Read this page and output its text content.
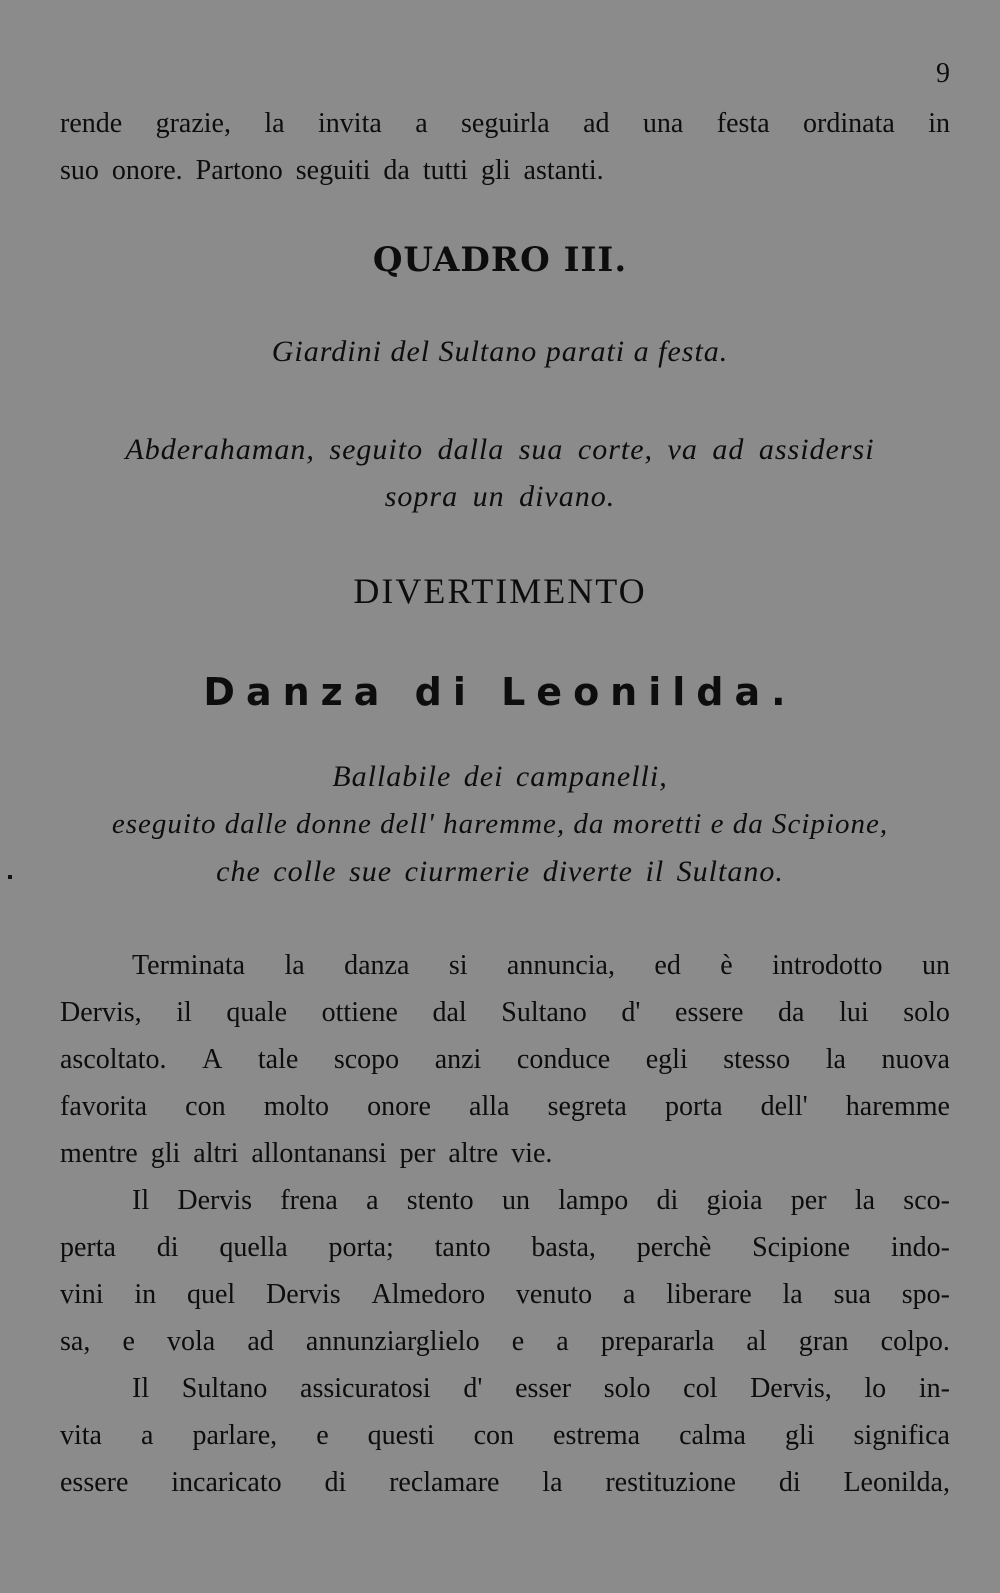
9
rende grazie, la invita a seguirla ad una festa ordinata in
suo onore. Partono seguiti da tutti gli astanti.
QUADRO III.
Giardini del Sultano parati a festa.
Abderahaman, seguito dalla sua corte, va ad assidersi
sopra un divano.
DIVERTIMENTO
Danza di Leonilda.
Ballabile dei campanelli,
eseguito dalle donne dell' haremme, da moretti e da Scipione,
che colle sue ciurmerie diverte il Sultano.
Terminata la danza si annuncia, ed è introdotto un
Dervis, il quale ottiene dal Sultano d' essere da lui solo
ascoltato. A tale scopo anzi conduce egli stesso la nuova
favorita con molto onore alla segreta porta dell' haremme
mentre gli altri allontanansi per altre vie.
Il Dervis frena a stento un lampo di gioia per la sco-
perta di quella porta; tanto basta, perchè Scipione indo-
vini in quel Dervis Almedoro venuto a liberare la sua spo-
sa, e vola ad annunziarglielo e a prepararla al gran colpo.
Il Sultano assicuratosi d' esser solo col Dervis, lo in-
vita a parlare, e questi con estrema calma gli significa
essere incaricato di reclamare la restituzione di Leonilda,
